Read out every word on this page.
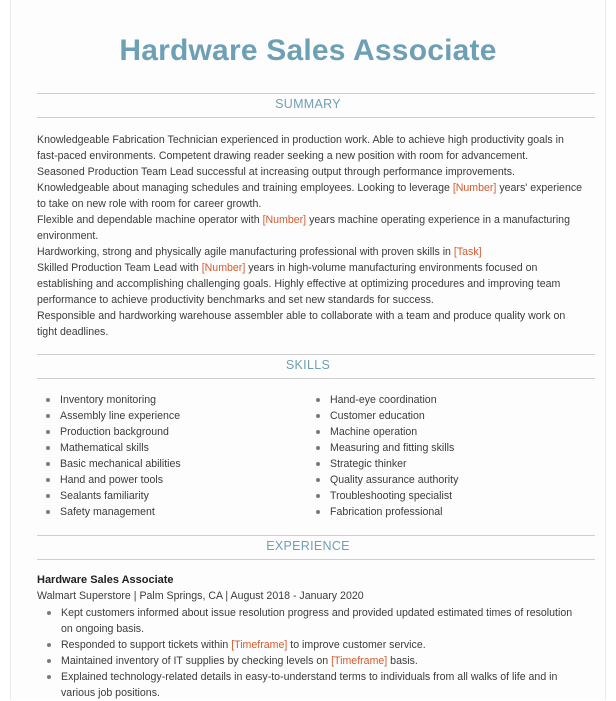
Hardware Sales Associate
SUMMARY

Knowledgeable Fabrication Technician experienced in production work. Able to achieve high productivity goals in fast-paced environments. Competent drawing reader seeking a new position with room for advancement.

Seasoned Production Team Lead successful at increasing output through performance improvements.

Knowledgeable about managing schedules and training employees. Looking to leverage [Number] years' experience to take on new role with room for career growth.

Flexible and dependable machine operator with [Number] years machine operating experience in a manufacturing environment.

Hardworking, strong and physically agile manufacturing professional with proven skills in [Task]

Skilled Production Team Lead with [Number] years in high-volume manufacturing environments focused on establishing and accomplishing challenging goals. Highly effective at optimizing procedures and improving team performance to achieve productivity benchmarks and set new standards for success.

Responsible and hardworking warehouse assembler able to collaborate with a team and produce quality work on tight deadlines.

SKILLS
Inventory monitoring
Assembly line experience
Production background
Mathematical skills
Basic mechanical abilities
Hand and power tools
Sealants familiarity
Safety management
Hand-eye coordination
Customer education
Machine operation
Measuring and fitting skills
Strategic thinker
Quality assurance authority
Troubleshooting specialist
Fabrication professional
EXPERIENCE
Hardware Sales Associate
Walmart Superstore | Palm Springs, CA | August 2018 - January 2020
Kept customers informed about issue resolution progress and provided updated estimated times of resolution on ongoing basis.
Responded to support tickets within [Timeframe] to improve customer service.
Maintained inventory of IT supplies by checking levels on [Timeframe] basis.
Explained technology-related details in easy-to-understand terms to individuals from all walks of life and in various job positions.
